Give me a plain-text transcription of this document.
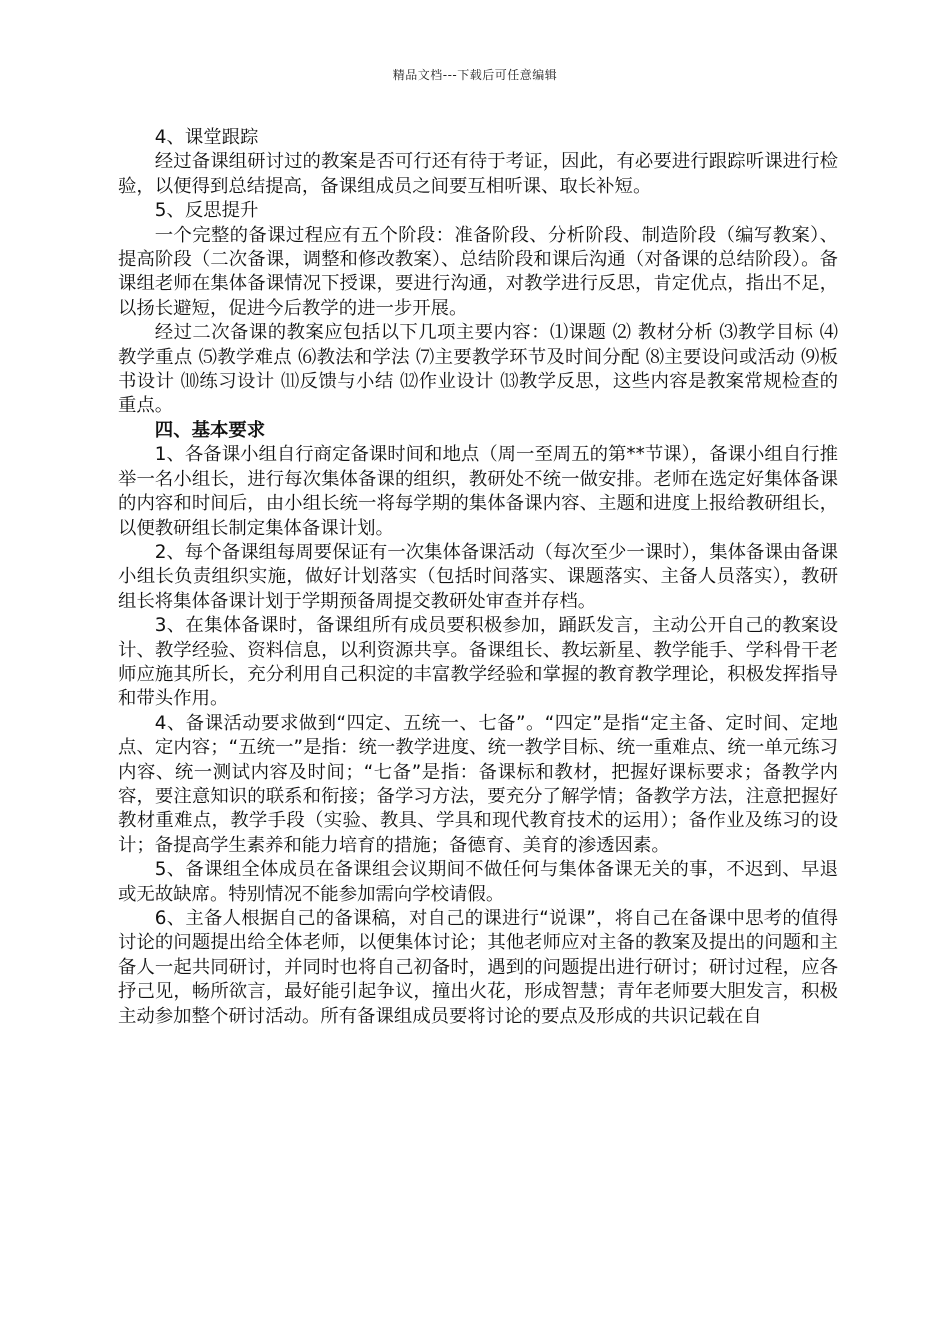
精品文档---下载后可任意编辑

4、课堂跟踪

经过备课组研讨过的教案是否可行还有待于考证，因此，有必要进行跟踪听课进行检验，以便得到总结提高，备课组成员之间要互相听课、取长补短。

5、反思提升

一个完整的备课过程应有五个阶段：准备阶段、分析阶段、制造阶段（编写教案）、提高阶段（二次备课，调整和修改教案）、总结阶段和课后沟通（对备课的总结阶段）。备课组老师在集体备课情况下授课，要进行沟通，对教学进行反思，肯定优点，指出不足，以扬长避短，促进今后教学的进一步开展。

经过二次备课的教案应包括以下几项主要内容：⑴课题 ⑵ 教材分析 ⑶教学目标 ⑷教学重点 ⑸教学难点 ⑹教法和学法 ⑺主要教学环节及时间分配 ⑻主要设问或活动 ⑼板书设计 ⑽练习设计 ⑾反馈与小结 ⑿作业设计 ⒀教学反思，这些内容是教案常规检查的重点。

四、基本要求

1、各备课小组自行商定备课时间和地点（周一至周五的第**节课），备课小组自行推举一名小组长，进行每次集体备课的组织，教研处不统一做安排。老师在选定好集体备课的内容和时间后，由小组长统一将每学期的集体备课内容、主题和进度上报给教研组长，以便教研组长制定集体备课计划。

2、每个备课组每周要保证有一次集体备课活动（每次至少一课时），集体备课由备课小组长负责组织实施，做好计划落实（包括时间落实、课题落实、主备人员落实），教研组长将集体备课计划于学期预备周提交教研处审查并存档。

3、在集体备课时，备课组所有成员要积极参加，踊跃发言，主动公开自己的教案设计、教学经验、资料信息，以利资源共享。备课组长、教坛新星、教学能手、学科骨干老师应施其所长，充分利用自己积淀的丰富教学经验和掌握的教育教学理论，积极发挥指导和带头作用。

4、备课活动要求做到“四定、五统一、七备”。“四定”是指“定主备、定时间、定地点、定内容；“五统一”是指：统一教学进度、统一教学目标、统一重难点、统一单元练习内容、统一测试内容及时间；“七备”是指：备课标和教材，把握好课标要求；备教学内容，要注意知识的联系和衔接；备学习方法，要充分了解学情；备教学方法，注意把握好教材重难点，教学手段（实验、教具、学具和现代教育技术的运用）；备作业及练习的设计；备提高学生素养和能力培育的措施；备德育、美育的渗透因素。

5、备课组全体成员在备课组会议期间不做任何与集体备课无关的事，不迟到、早退或无故缺席。特别情况不能参加需向学校请假。

6、主备人根据自己的备课稿，对自己的课进行“说课”，将自己在备课中思考的值得讨论的问题提出给全体老师，以便集体讨论；其他老师应对主备的教案及提出的问题和主备人一起共同研讨，并同时也将自己初备时，遇到的问题提出进行研讨；研讨过程，应各抒己见，畅所欲言，最好能引起争议，撞出火花，形成智慧；青年老师要大胆发言，积极主动参加整个研讨活动。所有备课组成员要将讨论的要点及形成的共识记载在自
